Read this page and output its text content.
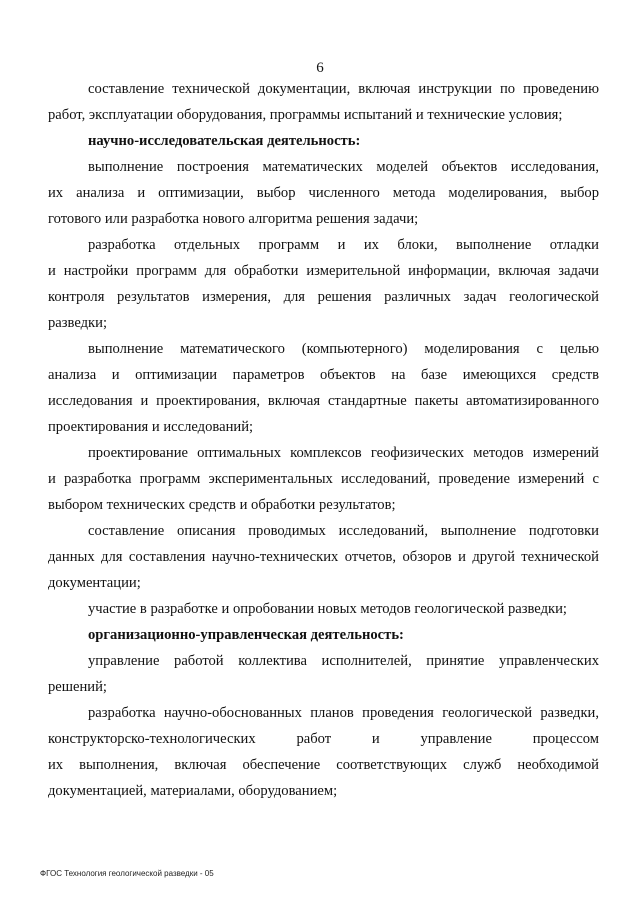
6
составление технической документации, включая инструкции по проведению
работ, эксплуатации оборудования, программы испытаний и технические условия;
научно-исследовательская деятельность:
выполнение построения математических моделей объектов исследования,
их анализа и оптимизации, выбор численного метода моделирования, выбор
готового или разработка нового алгоритма решения задачи;
разработка отдельных программ и их блоки, выполнение отладки
и настройки программ для обработки измерительной информации, включая задачи
контроля результатов измерения, для решения различных задач геологической
разведки;
выполнение математического (компьютерного) моделирования с целью
анализа и оптимизации параметров объектов на базе имеющихся средств
исследования и проектирования, включая стандартные пакеты автоматизированного
проектирования и исследований;
проектирование оптимальных комплексов геофизических методов измерений
и разработка программ экспериментальных исследований, проведение измерений с
выбором технических средств и обработки результатов;
составление описания проводимых исследований, выполнение подготовки
данных для составления научно-технических отчетов, обзоров и другой технической
документации;
участие в разработке и опробовании новых методов геологической разведки;
организационно-управленческая деятельность:
управление работой коллектива исполнителей, принятие управленческих
решений;
разработка научно-обоснованных планов проведения геологической разведки,
конструкторско-технологических работ и управление процессом
их выполнения, включая обеспечение соответствующих служб необходимой
документацией, материалами, оборудованием;
ФГОС Технология геологической разведки - 05
